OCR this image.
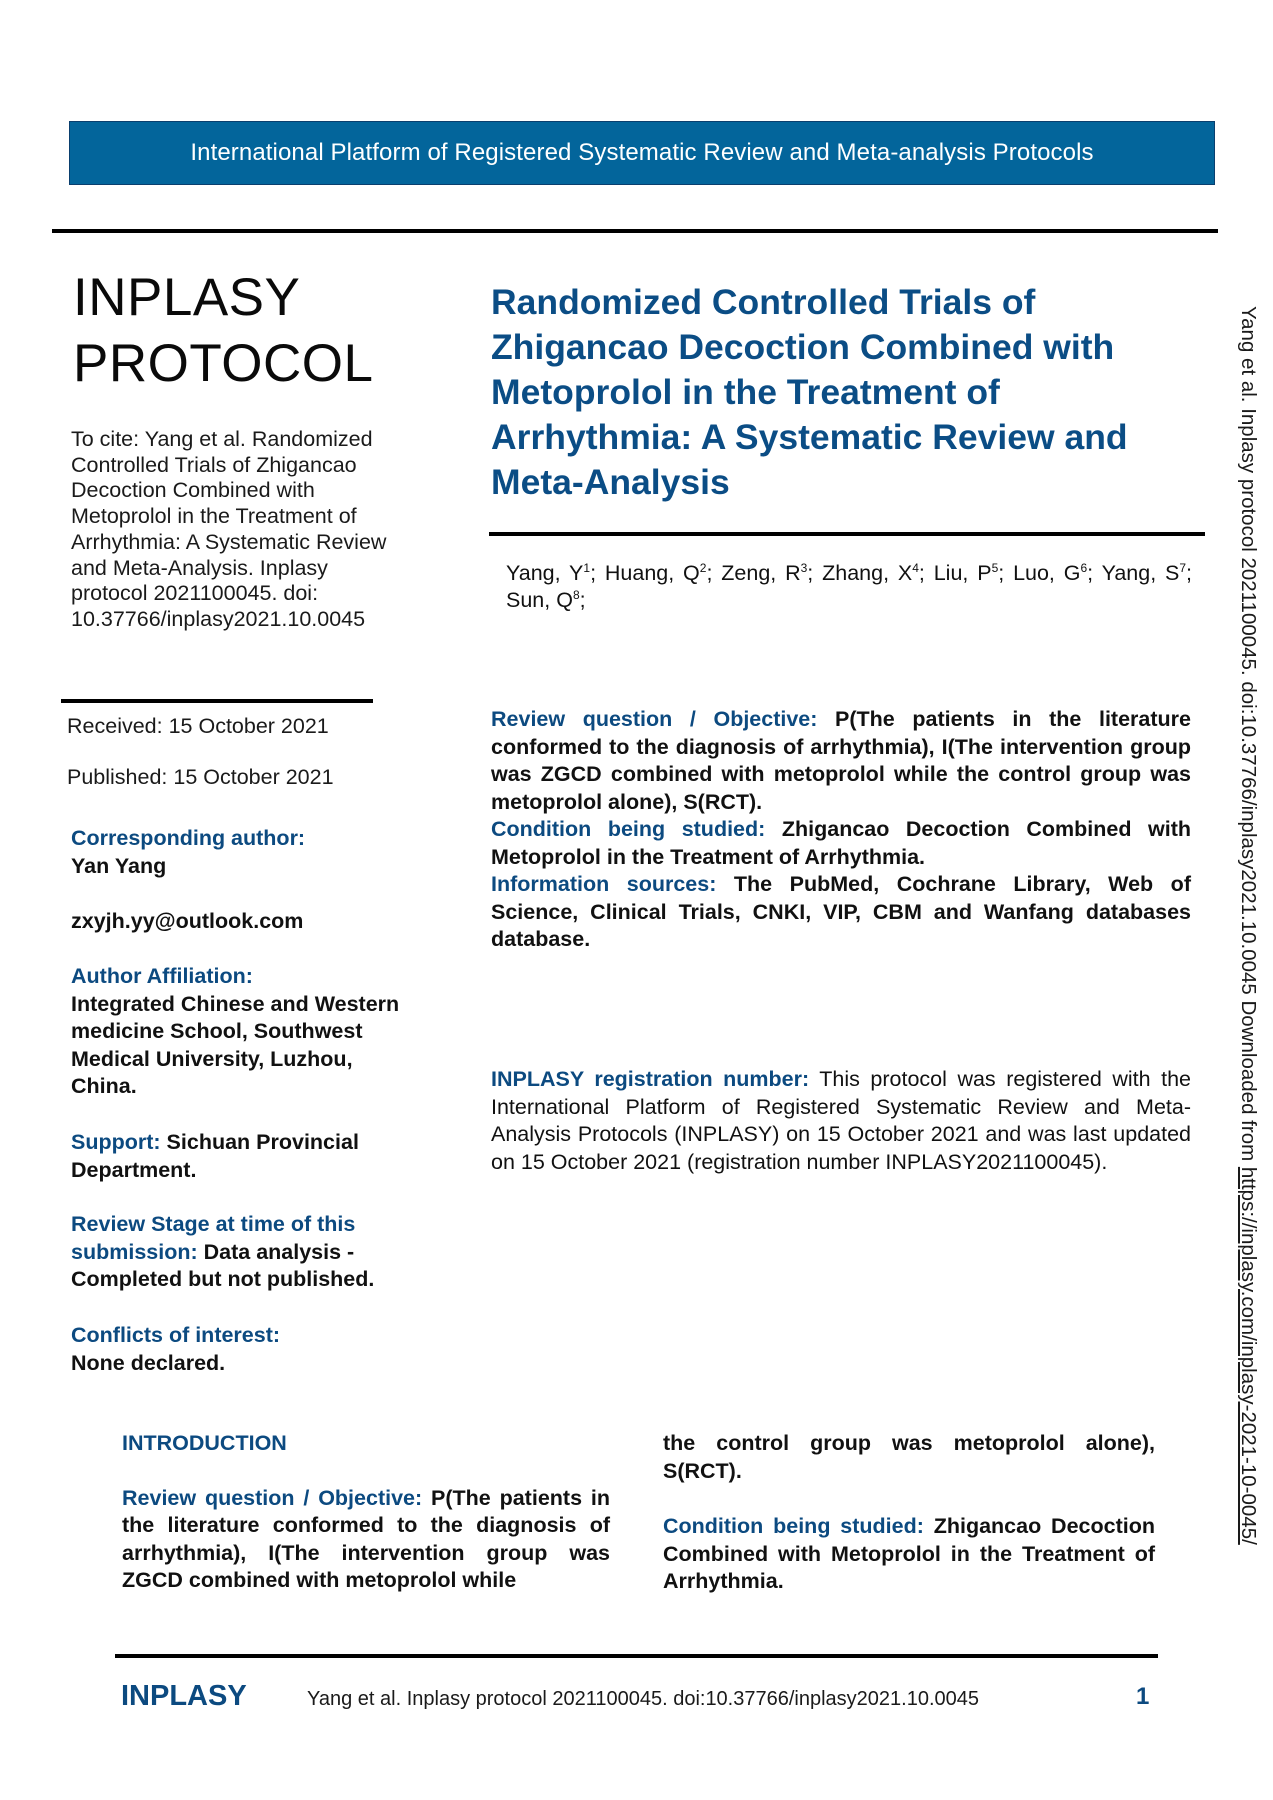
International Platform of Registered Systematic Review and Meta-analysis Protocols
INPLASY
PROTOCOL
To cite: Yang et al. Randomized Controlled Trials of Zhigancao Decoction Combined with Metoprolol in the Treatment of Arrhythmia: A Systematic Review and Meta-Analysis. Inplasy protocol 2021100045. doi: 10.37766/inplasy2021.10.0045
Received: 15 October 2021
Published: 15 October 2021
Corresponding author:
Yan Yang
zxyjh.yy@outlook.com
Author Affiliation:
Integrated Chinese and Western medicine School, Southwest Medical University, Luzhou, China.
Support: Sichuan Provincial Department.
Review Stage at time of this submission: Data analysis - Completed but not published.
Conflicts of interest:
None declared.
Randomized Controlled Trials of Zhigancao Decoction Combined with Metoprolol in the Treatment of Arrhythmia: A Systematic Review and Meta-Analysis
Yang, $Y^1$; Huang, $Q^2$; Zeng, $R^3$; Zhang, $X^4$; Liu, $P^5$; Luo, $G^6$; Yang, $S^7$; Sun, $Q^8$;
Review question / Objective: P(The patients in the literature conformed to the diagnosis of arrhythmia), I(The intervention group was ZGCD combined with metoprolol while the control group was metoprolol alone), S(RCT).
Condition being studied: Zhigancao Decoction Combined with Metoprolol in the Treatment of Arrhythmia.
Information sources: The PubMed, Cochrane Library, Web of Science, Clinical Trials, CNKI, VIP, CBM and Wanfang databases database.
INPLASY registration number: This protocol was registered with the International Platform of Registered Systematic Review and Meta-Analysis Protocols (INPLASY) on 15 October 2021 and was last updated on 15 October 2021 (registration number INPLASY2021100045).
INTRODUCTION
Review question / Objective: P(The patients in the literature conformed to the diagnosis of arrhythmia), I(The intervention group was ZGCD combined with metoprolol while
the control group was metoprolol alone), S(RCT).
Condition being studied: Zhigancao Decoction Combined with Metoprolol in the Treatment of Arrhythmia.
INPLASY	Yang et al. Inplasy protocol 2021100045. doi:10.37766/inplasy2021.10.0045	1
Yang et al. Inplasy protocol 2021100045. doi:10.37766/inplasy2021.10.0045 Downloaded from https://inplasy.com/inplasy-2021-10-0045/
